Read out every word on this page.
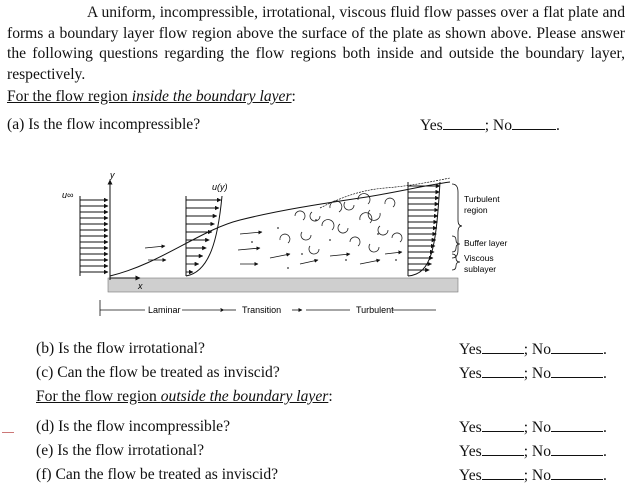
A uniform, incompressible, irrotational, viscous fluid flow passes over a flat plate and forms a boundary layer flow region above the surface of the plate as shown above. Please answer the following questions regarding the flow regions both inside and outside the boundary layer, respectively.
For the flow region inside the boundary layer:
(a) Is the flow incompressible?	Yes	; No	.
y
x
u∞
u(y)
Turbulent region
Buffer layer
Viscous sublayer
Laminar	Transition	Turbulent
(b) Is the flow irrotational?	Yes	; No	.
(c) Can the flow be treated as inviscid?	Yes	; No	.
For the flow region outside the boundary layer:
(d) Is the flow incompressible?	Yes	; No	.
(e) Is the flow irrotational?	Yes	; No	.
(f) Can the flow be treated as inviscid?	Yes	; No	.
